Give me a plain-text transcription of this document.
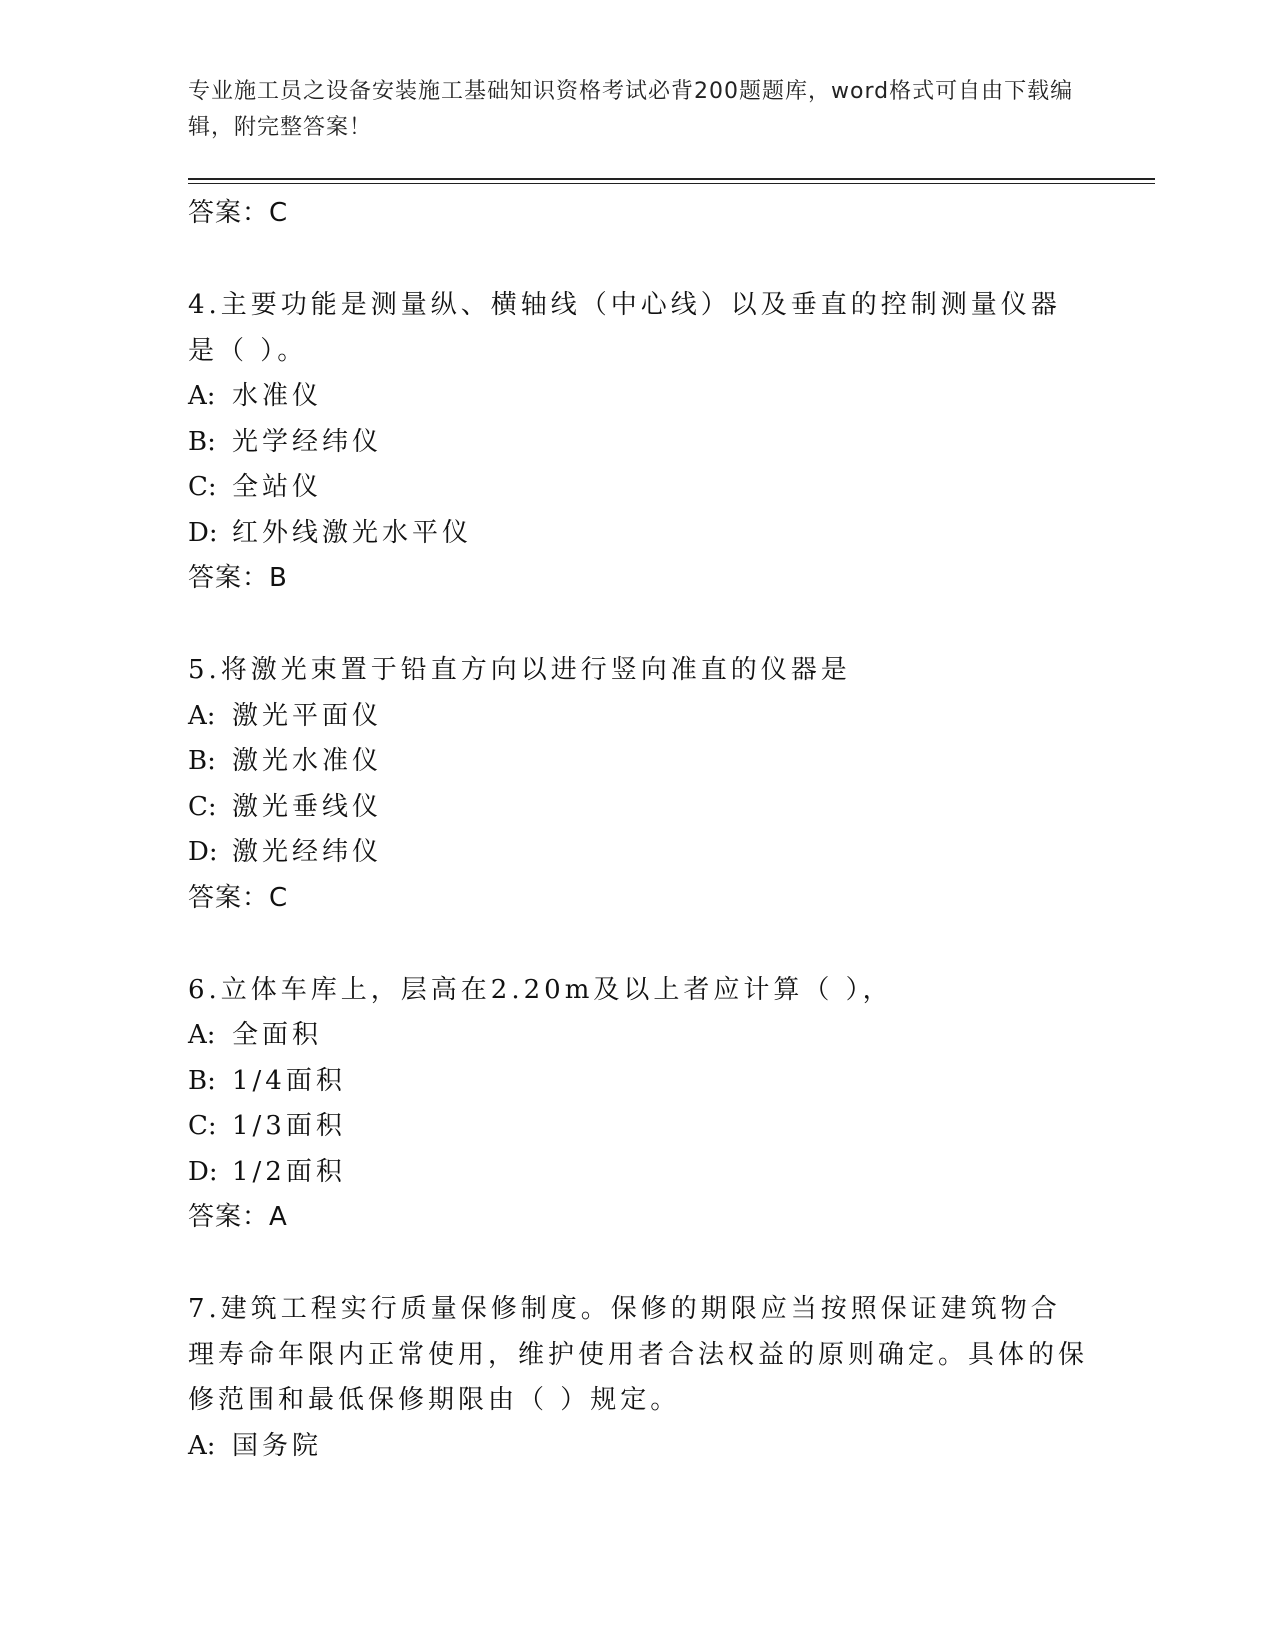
专业施工员之设备安装施工基础知识资格考试必背200题题库，word格式可自由下载编辑，附完整答案！
答案：C
4.主要功能是测量纵、横轴线（中心线）以及垂直的控制测量仪器是（ ）。
A: 水准仪
B: 光学经纬仪
C: 全站仪
D: 红外线激光水平仪
答案：B
5.将激光束置于铅直方向以进行竖向准直的仪器是
A: 激光平面仪
B: 激光水准仪
C: 激光垂线仪
D: 激光经纬仪
答案：C
6.立体车库上，层高在2.20m及以上者应计算（ ），
A: 全面积
B: 1/4面积
C: 1/3面积
D: 1/2面积
答案：A
7.建筑工程实行质量保修制度。保修的期限应当按照保证建筑物合理寿命年限内正常使用，维护使用者合法权益的原则确定。具体的保修范围和最低保修期限由（ ）规定。
A: 国务院
